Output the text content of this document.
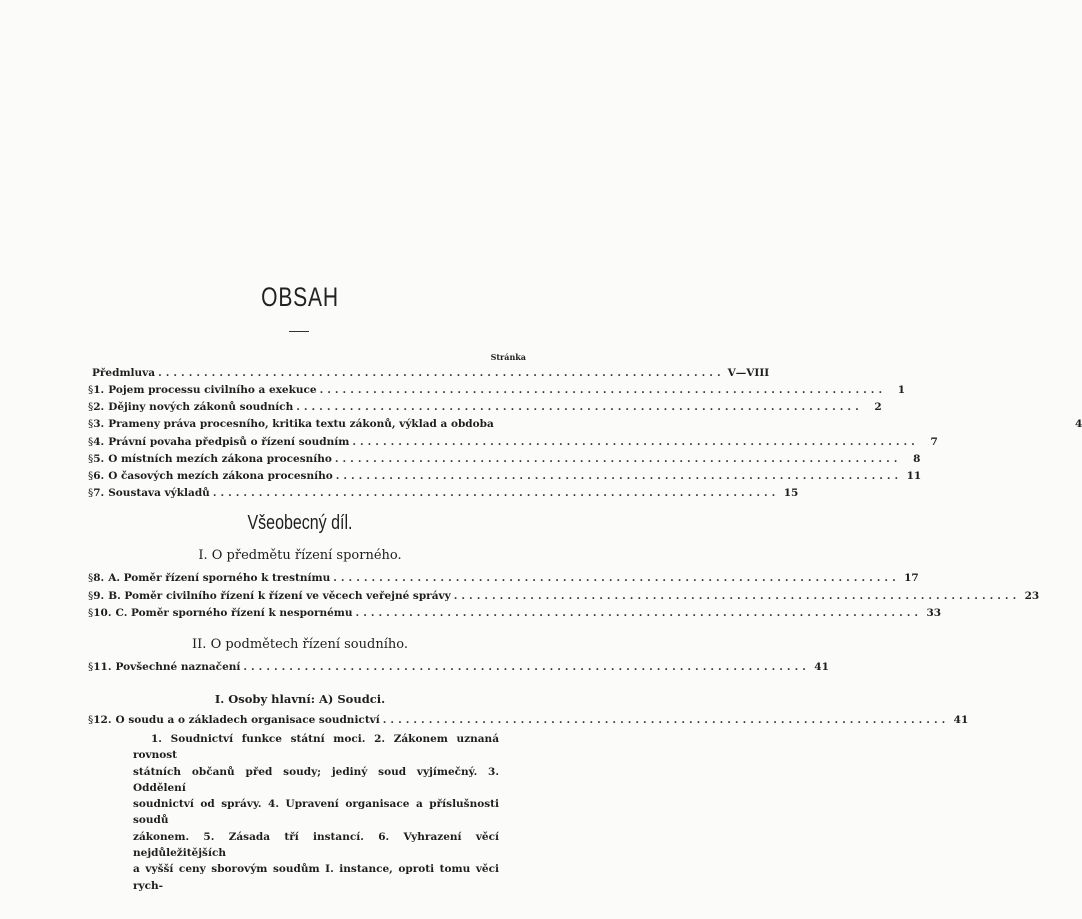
OBSAH
Stránka
Předmluva .......................................................................... V—VIII
§ 1. Pojem processu civilního a exekuce ..........................................................................	1
§ 2. Dějiny nových zákonů soudních ..........................................................................	2
§ 3. Prameny práva procesního, kritika textu zákonů, výklad a obdoba	4
§ 4. Právní povaha předpisů o řízení soudním ..........................................................................	7
§ 5. O místních mezích zákona procesního ..........................................................................	8
§ 6. O časových mezích zákona procesního .......................................................................... 11
§ 7. Soustava výkladů .......................................................................... 15
Všeobecný díl.
I. O předmětu řízení sporného.
§ 8. A. Poměr řízení sporného k trestnímu .......................................................................... 17
§ 9. B. Poměr civilního řízení k řízení ve věcech veřejné správy .......................................................................... 23
§ 10. C. Poměr sporného řízení k nespornému .......................................................................... 33
II. O podmětech řízení soudního.
§ 11. Povšechné naznačení .......................................................................... 41
I. Osoby hlavní: A) Soudci.
§ 12. O soudu a o základech organisace soudnictví .......................................................................... 41
1. Soudnictví funkce státní moci. 2. Zákonem uznaná rovnost
státních občanů před soudy; jediný soud vyjímečný. 3. Oddělení
soudnictví od správy. 4. Upravení organisace a příslušnosti soudů
zákonem. 5. Zásada tří instancí. 6. Vyhrazení věcí nejdůležitějších
a vyšší ceny sborovým soudům I. instance, oproti tomu věci rych-
